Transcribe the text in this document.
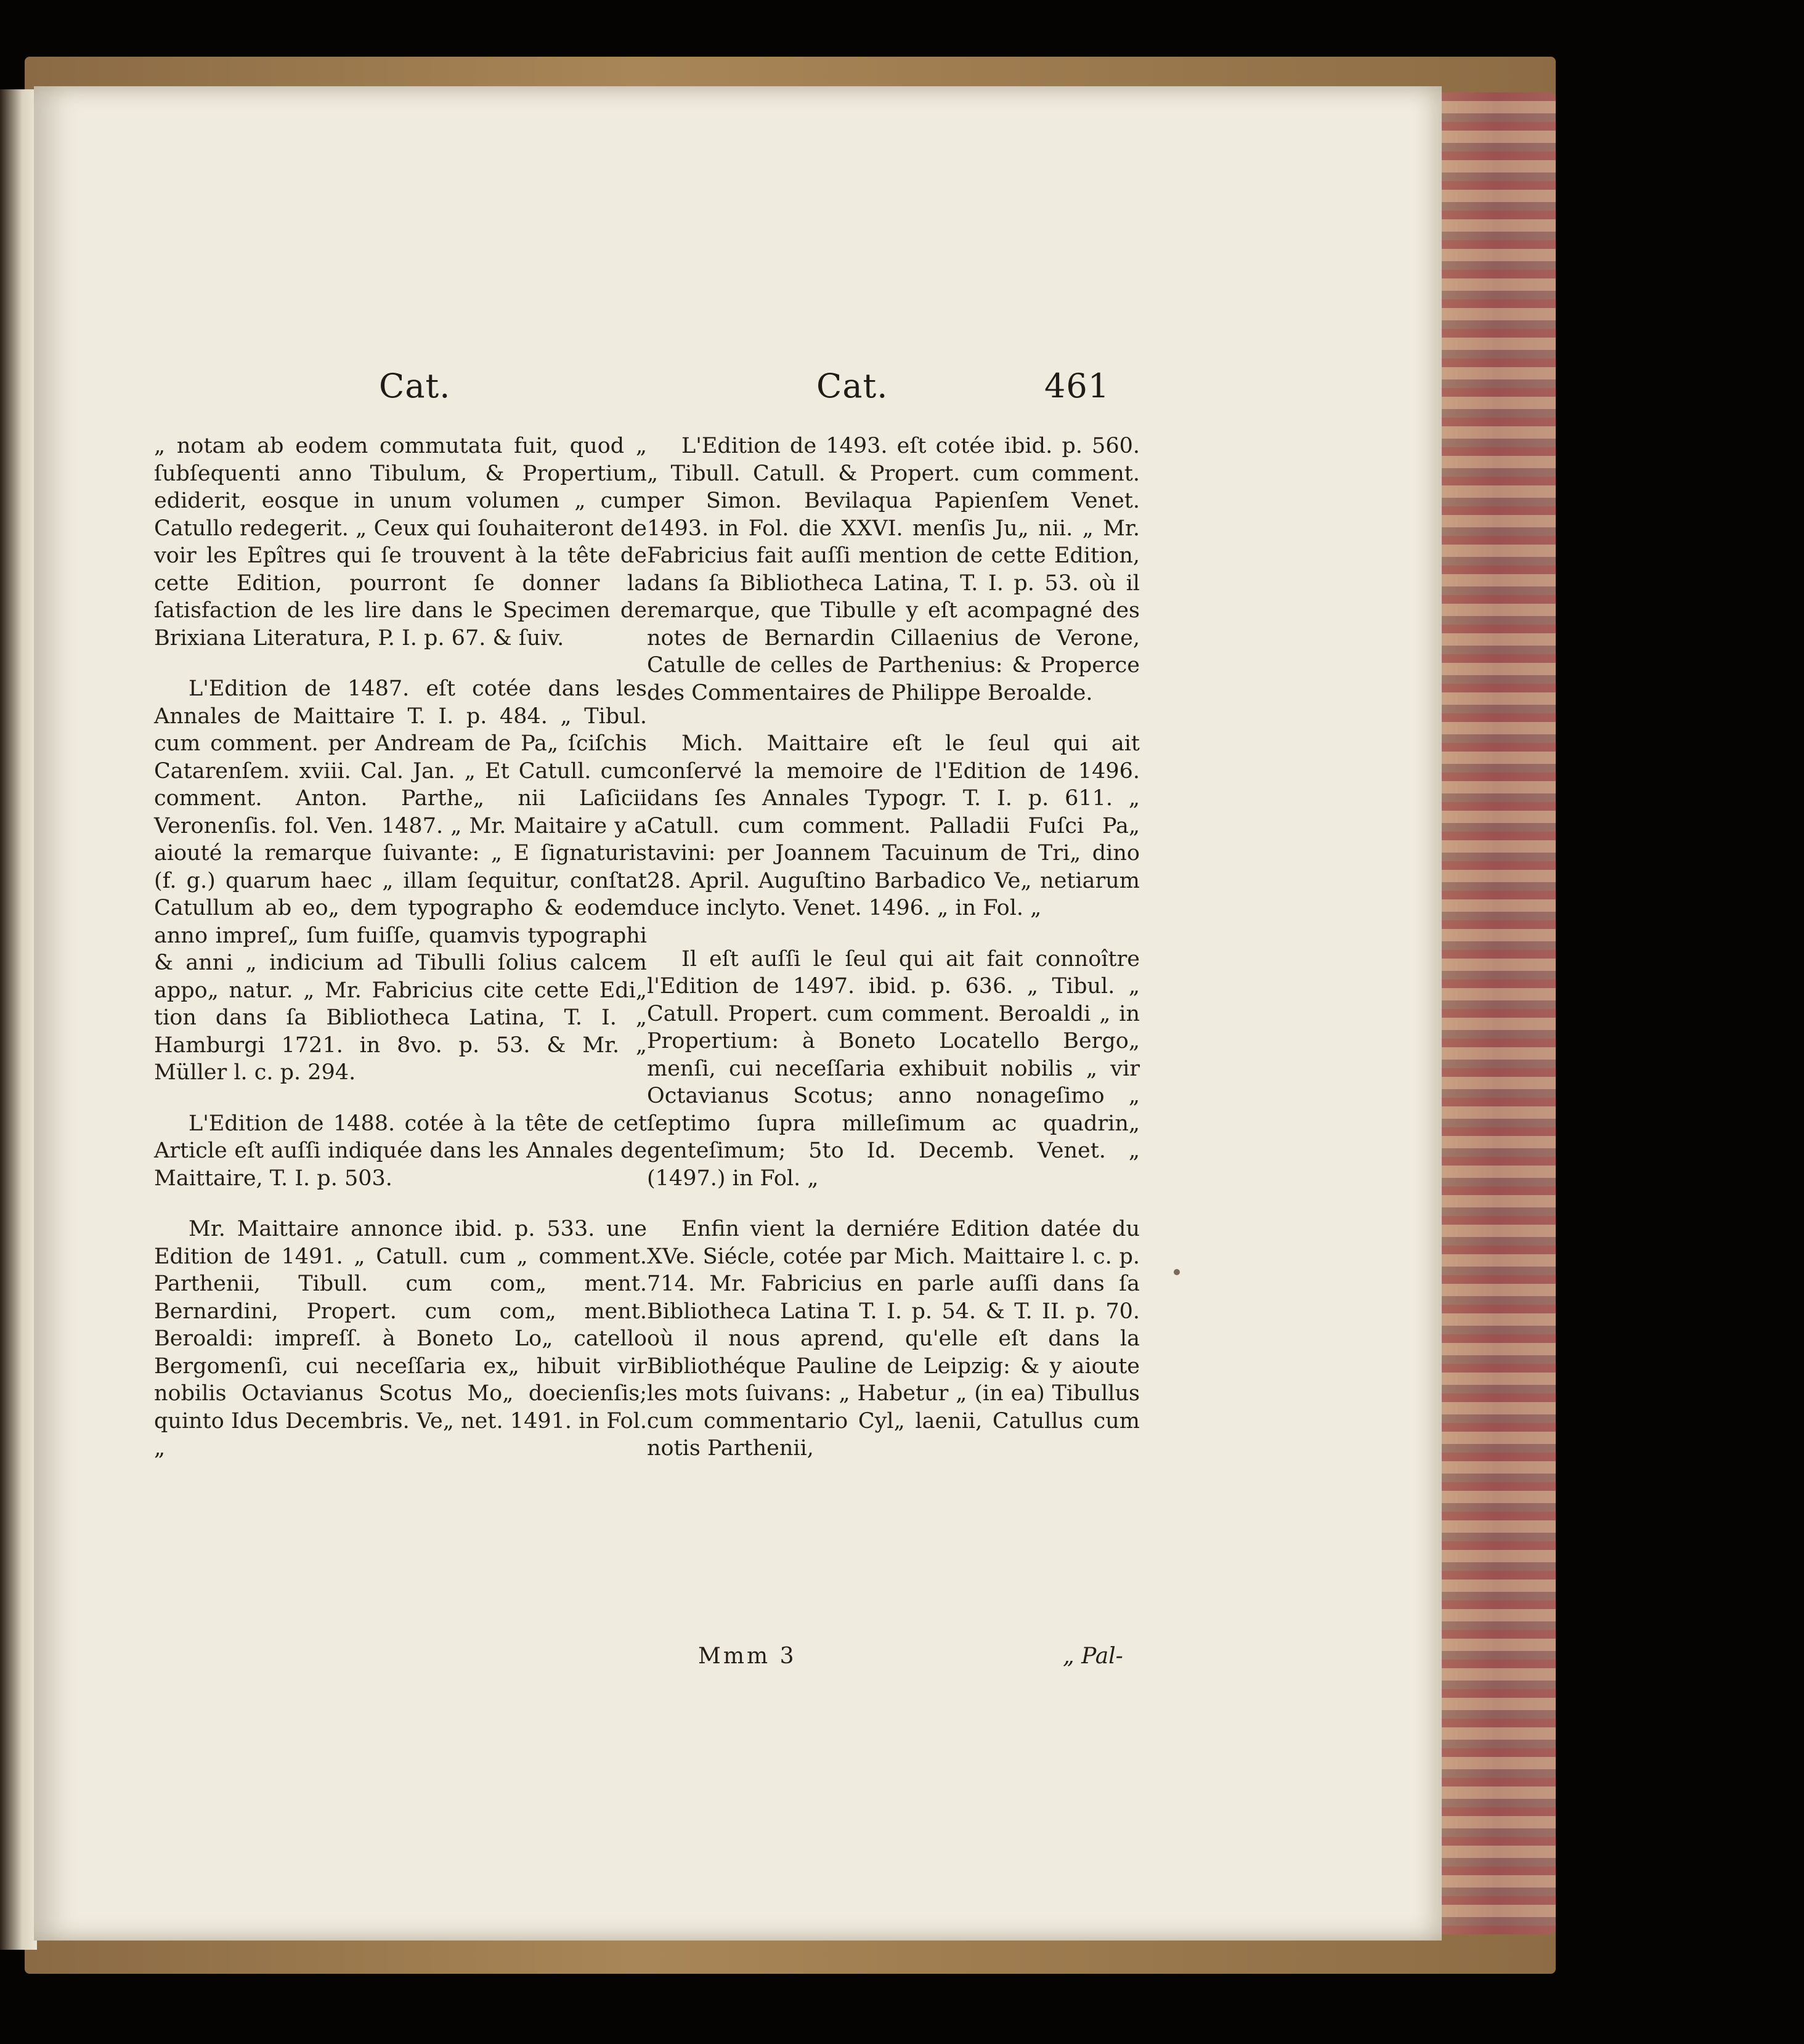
Cat.	Cat.	461

„ notam ab eodem commutata fuit, quod „ ſubſequenti anno Tibulum, & Propertium ediderit, eosque in unum volumen „ cum Catullo redegerit. „ Ceux qui ſouhaiteront de voir les Epîtres qui ſe trouvent à la tête de cette Edition, pourront ſe donner la ſatisfaction de les lire dans le Specimen de Brixiana Literatura, P. I. p. 67. & ſuiv.

L'Edition de 1487. eſt cotée dans les Annales de Maittaire T. I. p. 484. „ Tibul. cum comment. per Andream de Pa„ ſciſchis Catarenſem. xviii. Cal. Jan. „ Et Catull. cum comment. Anton. Parthe„ nii Laſicii Veronenſis. fol. Ven. 1487. „ Mr. Maitaire y a aiouté la remarque ſuivante: „ E ſignaturis (f. g.) quarum haec „ illam ſequitur, conſtat Catullum ab eo„ dem typographo & eodem anno impreſ„ ſum fuiſſe, quamvis typographi & anni „ indicium ad Tibulli ſolius calcem appo„ natur. „ Mr. Fabricius cite cette Edi„ tion dans ſa Bibliotheca Latina, T. I. „ Hamburgi 1721. in 8vo. p. 53. & Mr. „ Müller l. c. p. 294.

L'Edition de 1488. cotée à la tête de cet Article eſt auſſi indiquée dans les Annales de Maittaire, T. I. p. 503.

Mr. Maittaire annonce ibid. p. 533. une Edition de 1491. „ Catull. cum „ comment. Parthenii, Tibull. cum com„ ment. Bernardini, Propert. cum com„ ment. Beroaldi: impreſſ. à Boneto Lo„ catello Bergomenſi, cui neceſſaria ex„ hibuit vir nobilis Octavianus Scotus Mo„ doecienſis; quinto Idus Decembris. Ve„ net. 1491. in Fol. „

L'Edition de 1493. eſt cotée ibid. p. 560. „ Tibull. Catull. & Propert. cum comment. per Simon. Bevilaqua Papienſem Venet. 1493. in Fol. die XXVI. menſis Ju„ nii. „ Mr. Fabricius fait auſſi mention de cette Edition, dans ſa Bibliotheca Latina, T. I. p. 53. où il remarque, que Tibulle y eſt acompagné des notes de Bernardin Cillaenius de Verone, Catulle de celles de Parthenius: & Properce des Commentaires de Philippe Beroalde.

Mich. Maittaire eſt le ſeul qui ait conſervé la memoire de l'Edition de 1496. dans ſes Annales Typogr. T. I. p. 611. „ Catull. cum comment. Palladii Fuſci Pa„ tavini: per Joannem Tacuinum de Tri„ dino 28. April. Auguſtino Barbadico Ve„ netiarum duce inclyto. Venet. 1496. „ in Fol. „

Il eſt auſſi le ſeul qui ait fait connoître l'Edition de 1497. ibid. p. 636. „ Tibul. „ Catull. Propert. cum comment. Beroaldi „ in Propertium: à Boneto Locatello Bergo„ menſi, cui neceſſaria exhibuit nobilis „ vir Octavianus Scotus; anno nonageſimo „ ſeptimo ſupra milleſimum ac quadrin„ genteſimum; 5to Id. Decemb. Venet. „ (1497.) in Fol. „

Enfin vient la derniére Edition datée du XVe. Siécle, cotée par Mich. Maittaire l. c. p. 714. Mr. Fabricius en parle auſſi dans ſa Bibliotheca Latina T. I. p. 54. & T. II. p. 70. où il nous aprend, qu'elle eſt dans la Bibliothéque Pauline de Leipzig: & y aioute les mots ſuivans: „ Habetur „ (in ea) Tibullus cum commentario Cyl„ laenii, Catullus cum notis Parthenii,

Mmm 3	„ Pal-
